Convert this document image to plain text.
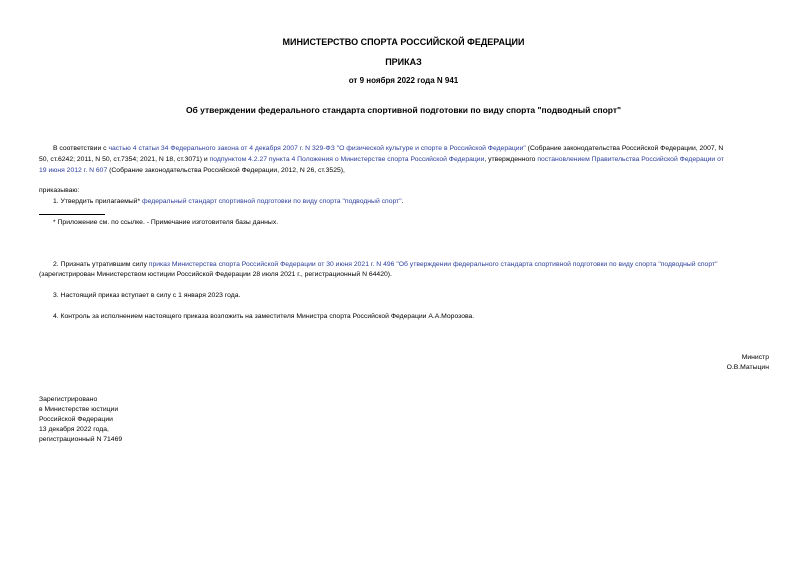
МИНИСТЕРСТВО СПОРТА РОССИЙСКОЙ ФЕДЕРАЦИИ
ПРИКАЗ
от 9 ноября 2022 года N 941
Об утверждении федерального стандарта спортивной подготовки по виду спорта "подводный спорт"
В соответствии с частью 4 статьи 34 Федерального закона от 4 декабря 2007 г. N 329-ФЗ "О физической культуре и спорте в Российской Федерации" (Собрание законодательства Российской Федерации, 2007, N
50, ст.6242; 2011, N 50, ст.7354; 2021, N 18, ст.3071) и подпунктом 4.2.27 пункта 4 Положения о Министерстве спорта Российской Федерации, утвержденного постановлением Правительства Российской Федерации от
19 июня 2012 г. N 607 (Собрание законодательства Российской Федерации, 2012, N 26, ст.3525),
приказываю:
1. Утвердить прилагаемый* федеральный стандарт спортивной подготовки по виду спорта "подводный спорт".
* Приложение см. по ссылке. - Примечание изготовителя базы данных.
2. Признать утратившим силу приказ Министерства спорта Российской Федерации от 30 июня 2021 г. N 496 "Об утверждении федерального стандарта спортивной подготовки по виду спорта "подводный спорт"
(зарегистрирован Министерством юстиции Российской Федерации 28 июля 2021 г., регистрационный N 64420).
3. Настоящий приказ вступает в силу с 1 января 2023 года.
4. Контроль за исполнением настоящего приказа возложить на заместителя Министра спорта Российской Федерации А.А.Морозова.
Министр
О.В.Матыцин
Зарегистрировано
в Министерстве юстиции
Российской Федерации
13 декабря 2022 года,
регистрационный N 71469
